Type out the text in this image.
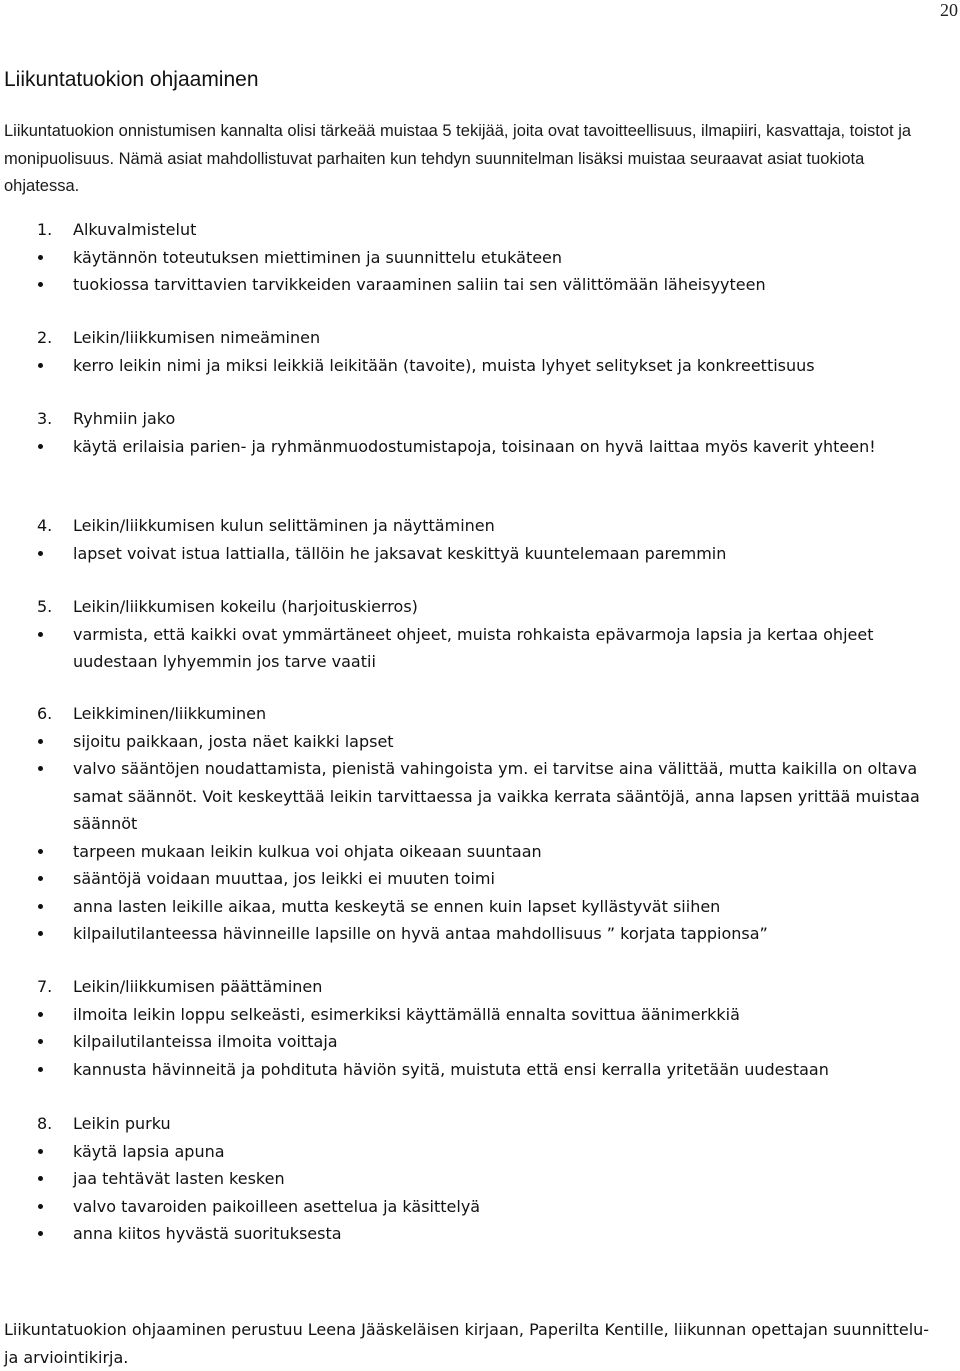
20
Liikuntatuokion ohjaaminen

Liikuntatuokion onnistumisen kannalta olisi tärkeää muistaa 5 tekijää, joita ovat tavoitteellisuus, ilmapiiri, kasvattaja, toistot ja monipuolisuus. Nämä asiat mahdollistuvat parhaiten kun tehdyn suunnitelman lisäksi muistaa seuraavat asiat tuokiota ohjatessa.

1. Alkuvalmistelut
käytännön toteutuksen miettiminen ja suunnittelu etukäteen
tuokiossa tarvittavien tarvikkeiden varaaminen saliin tai sen välittömään läheisyyteen
2. Leikin/liikkumisen nimeäminen
kerro leikin nimi ja miksi leikkiä leikitään (tavoite), muista lyhyet selitykset ja konkreettisuus
3. Ryhmiin jako
käytä erilaisia parien- ja ryhmänmuodostumistapoja, toisinaan on hyvä laittaa myös kaverit yhteen!
4. Leikin/liikkumisen kulun selittäminen ja näyttäminen
lapset voivat istua lattialla, tällöin he jaksavat keskittyä kuuntelemaan paremmin
5. Leikin/liikkumisen kokeilu (harjoituskierros)
varmista, että kaikki ovat ymmärtäneet ohjeet, muista rohkaista epävarmoja lapsia ja kertaa ohjeet uudestaan lyhyemmin jos tarve vaatii
6. Leikkiminen/liikkuminen
sijoitu paikkaan, josta näet kaikki lapset
valvo sääntöjen noudattamista, pienistä vahingoista ym. ei tarvitse aina välittää, mutta kaikilla on oltava samat säännöt. Voit keskeyttää leikin tarvittaessa ja vaikka kerrata sääntöjä, anna lapsen yrittää muistaa säännöt
tarpeen mukaan leikin kulkua voi ohjata oikeaan suuntaan
sääntöjä voidaan muuttaa, jos leikki ei muuten toimi
anna lasten leikille aikaa, mutta keskeytä se ennen kuin lapset kyllästyvät siihen
kilpailutilanteessa hävinneille lapsille on hyvä antaa mahdollisuus ” korjata tappionsa”
7. Leikin/liikkumisen päättäminen
ilmoita leikin loppu selkeästi, esimerkiksi käyttämällä ennalta sovittua äänimerkkiä
kilpailutilanteissa ilmoita voittaja
kannusta hävinneitä ja pohdituta häviön syitä, muistuta että ensi kerralla yritetään uudestaan
8. Leikin purku
käytä lapsia apuna
jaa tehtävät lasten kesken
valvo tavaroiden paikoilleen asettelua ja käsittelyä
anna kiitos hyvästä suorituksesta

Liikuntatuokion ohjaaminen perustuu Leena Jääskeläisen kirjaan, Paperilta Kentille, liikunnan opettajan suunnittelu- ja arviointikirja.
